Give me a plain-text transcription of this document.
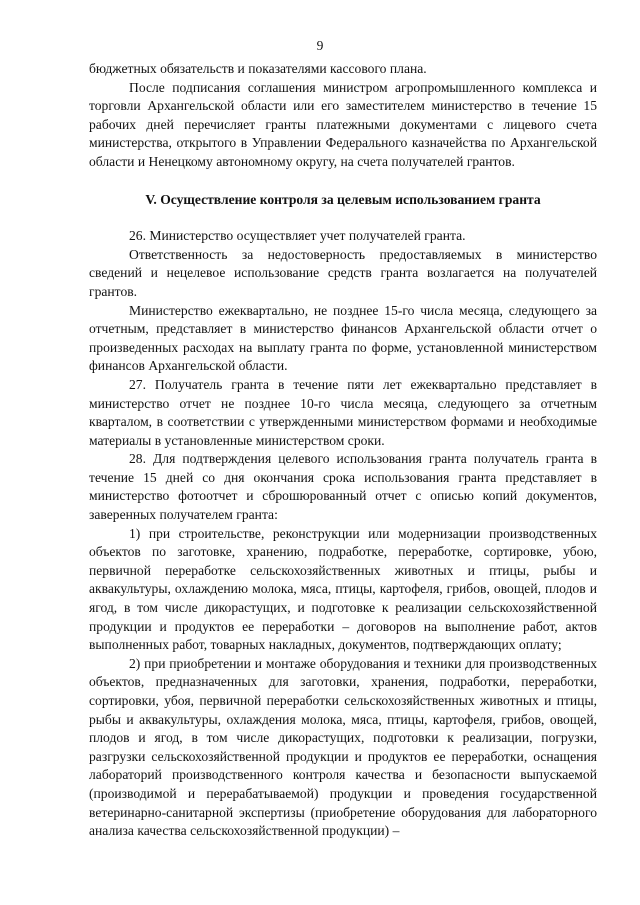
9

бюджетных обязательств и показателями кассового плана.

После подписания соглашения министром агропромышленного комплекса и торговли Архангельской области или его заместителем министерство в течение 15 рабочих дней перечисляет гранты платежными документами с лицевого счета министерства, открытого в Управлении Федерального казначейства по Архангельской области и Ненецкому автономному округу, на счета получателей грантов.

V. Осуществление контроля за целевым использованием гранта

26. Министерство осуществляет учет получателей гранта.

Ответственность за недостоверность предоставляемых в министерство сведений и нецелевое использование средств гранта возлагается на получателей грантов.

Министерство ежеквартально, не позднее 15-го числа месяца, следующего за отчетным, представляет в министерство финансов Архангельской области отчет о произведенных расходах на выплату гранта по форме, установленной министерством финансов Архангельской области.

27. Получатель гранта в течение пяти лет ежеквартально представляет в министерство отчет не позднее 10-го числа месяца, следующего за отчетным кварталом, в соответствии с утвержденными министерством формами и необходимые материалы в установленные министерством сроки.

28. Для подтверждения целевого использования гранта получатель гранта в течение 15 дней со дня окончания срока использования гранта представляет в министерство фотоотчет и сброшюрованный отчет с описью копий документов, заверенных получателем гранта:

1) при строительстве, реконструкции или модернизации производственных объектов по заготовке, хранению, подработке, переработке, сортировке, убою, первичной переработке сельскохозяйственных животных и птицы, рыбы и аквакультуры, охлаждению молока, мяса, птицы, картофеля, грибов, овощей, плодов и ягод, в том числе дикорастущих, и подготовке к реализации сельскохозяйственной продукции и продуктов ее переработки – договоров на выполнение работ, актов выполненных работ, товарных накладных, документов, подтверждающих оплату;

2) при приобретении и монтаже оборудования и техники для производственных объектов, предназначенных для заготовки, хранения, подработки, переработки, сортировки, убоя, первичной переработки сельскохозяйственных животных и птицы, рыбы и аквакультуры, охлаждения молока, мяса, птицы, картофеля, грибов, овощей, плодов и ягод, в том числе дикорастущих, подготовки к реализации, погрузки, разгрузки сельскохозяйственной продукции и продуктов ее переработки, оснащения лабораторий производственного контроля качества и безопасности выпускаемой (производимой и перерабатываемой) продукции и проведения государственной ветеринарно-санитарной экспертизы (приобретение оборудования для лабораторного анализа качества сельскохозяйственной продукции) –
